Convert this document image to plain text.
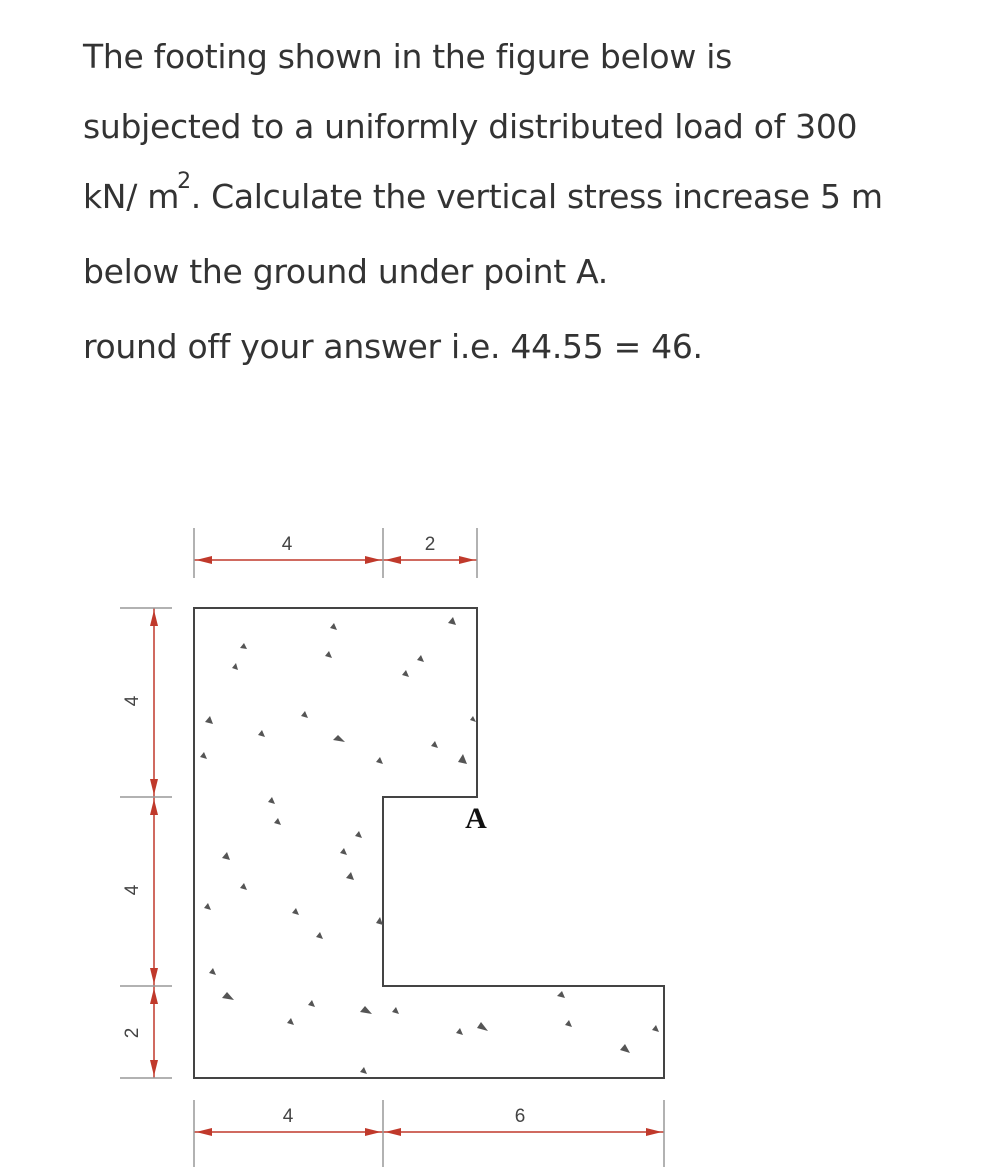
The footing shown in the figure below is
subjected to a uniformly distributed load of 300
kN/ $m^2$. Calculate the vertical stress increase 5 m
below the ground under point A.

round off your answer i.e. 44.55 = 46.
4	2
4
4
2
4	6
A
